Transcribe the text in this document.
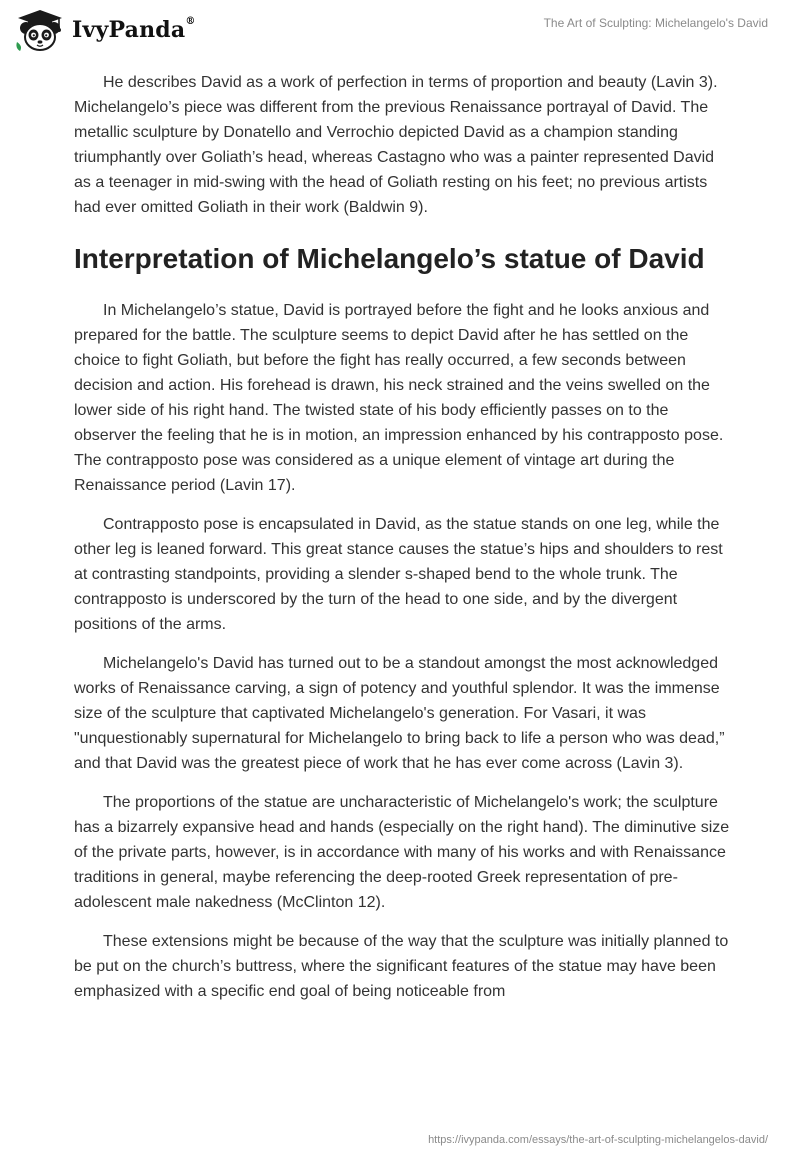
IvyPanda®	The Art of Sculpting: Michelangelo's David

He describes David as a work of perfection in terms of proportion and beauty (Lavin 3). Michelangelo’s piece was different from the previous Renaissance portrayal of David. The metallic sculpture by Donatello and Verrochio depicted David as a champion standing triumphantly over Goliath’s head, whereas Castagno who was a painter represented David as a teenager in mid-swing with the head of Goliath resting on his feet; no previous artists had ever omitted Goliath in their work (Baldwin 9).

Interpretation of Michelangelo’s statue of David

In Michelangelo’s statue, David is portrayed before the fight and he looks anxious and prepared for the battle. The sculpture seems to depict David after he has settled on the choice to fight Goliath, but before the fight has really occurred, a few seconds between decision and action. His forehead is drawn, his neck strained and the veins swelled on the lower side of his right hand. The twisted state of his body efficiently passes on to the observer the feeling that he is in motion, an impression enhanced by his contrapposto pose. The contrapposto pose was considered as a unique element of vintage art during the Renaissance period (Lavin 17).

Contrapposto pose is encapsulated in David, as the statue stands on one leg, while the other leg is leaned forward. This great stance causes the statue’s hips and shoulders to rest at contrasting standpoints, providing a slender s-shaped bend to the whole trunk. The contrapposto is underscored by the turn of the head to one side, and by the divergent positions of the arms.

Michelangelo's David has turned out to be a standout amongst the most acknowledged works of Renaissance carving, a sign of potency and youthful splendor. It was the immense size of the sculpture that captivated Michelangelo's generation. For Vasari, it was "unquestionably supernatural for Michelangelo to bring back to life a person who was dead,” and that David was the greatest piece of work that he has ever come across (Lavin 3).

The proportions of the statue are uncharacteristic of Michelangelo's work; the sculpture has a bizarrely expansive head and hands (especially on the right hand). The diminutive size of the private parts, however, is in accordance with many of his works and with Renaissance traditions in general, maybe referencing the deep-rooted Greek representation of pre-adolescent male nakedness (McClinton 12).

These extensions might be because of the way that the sculpture was initially planned to be put on the church’s buttress, where the significant features of the statue may have been emphasized with a specific end goal of being noticeable from

https://ivypanda.com/essays/the-art-of-sculpting-michelangelos-david/
